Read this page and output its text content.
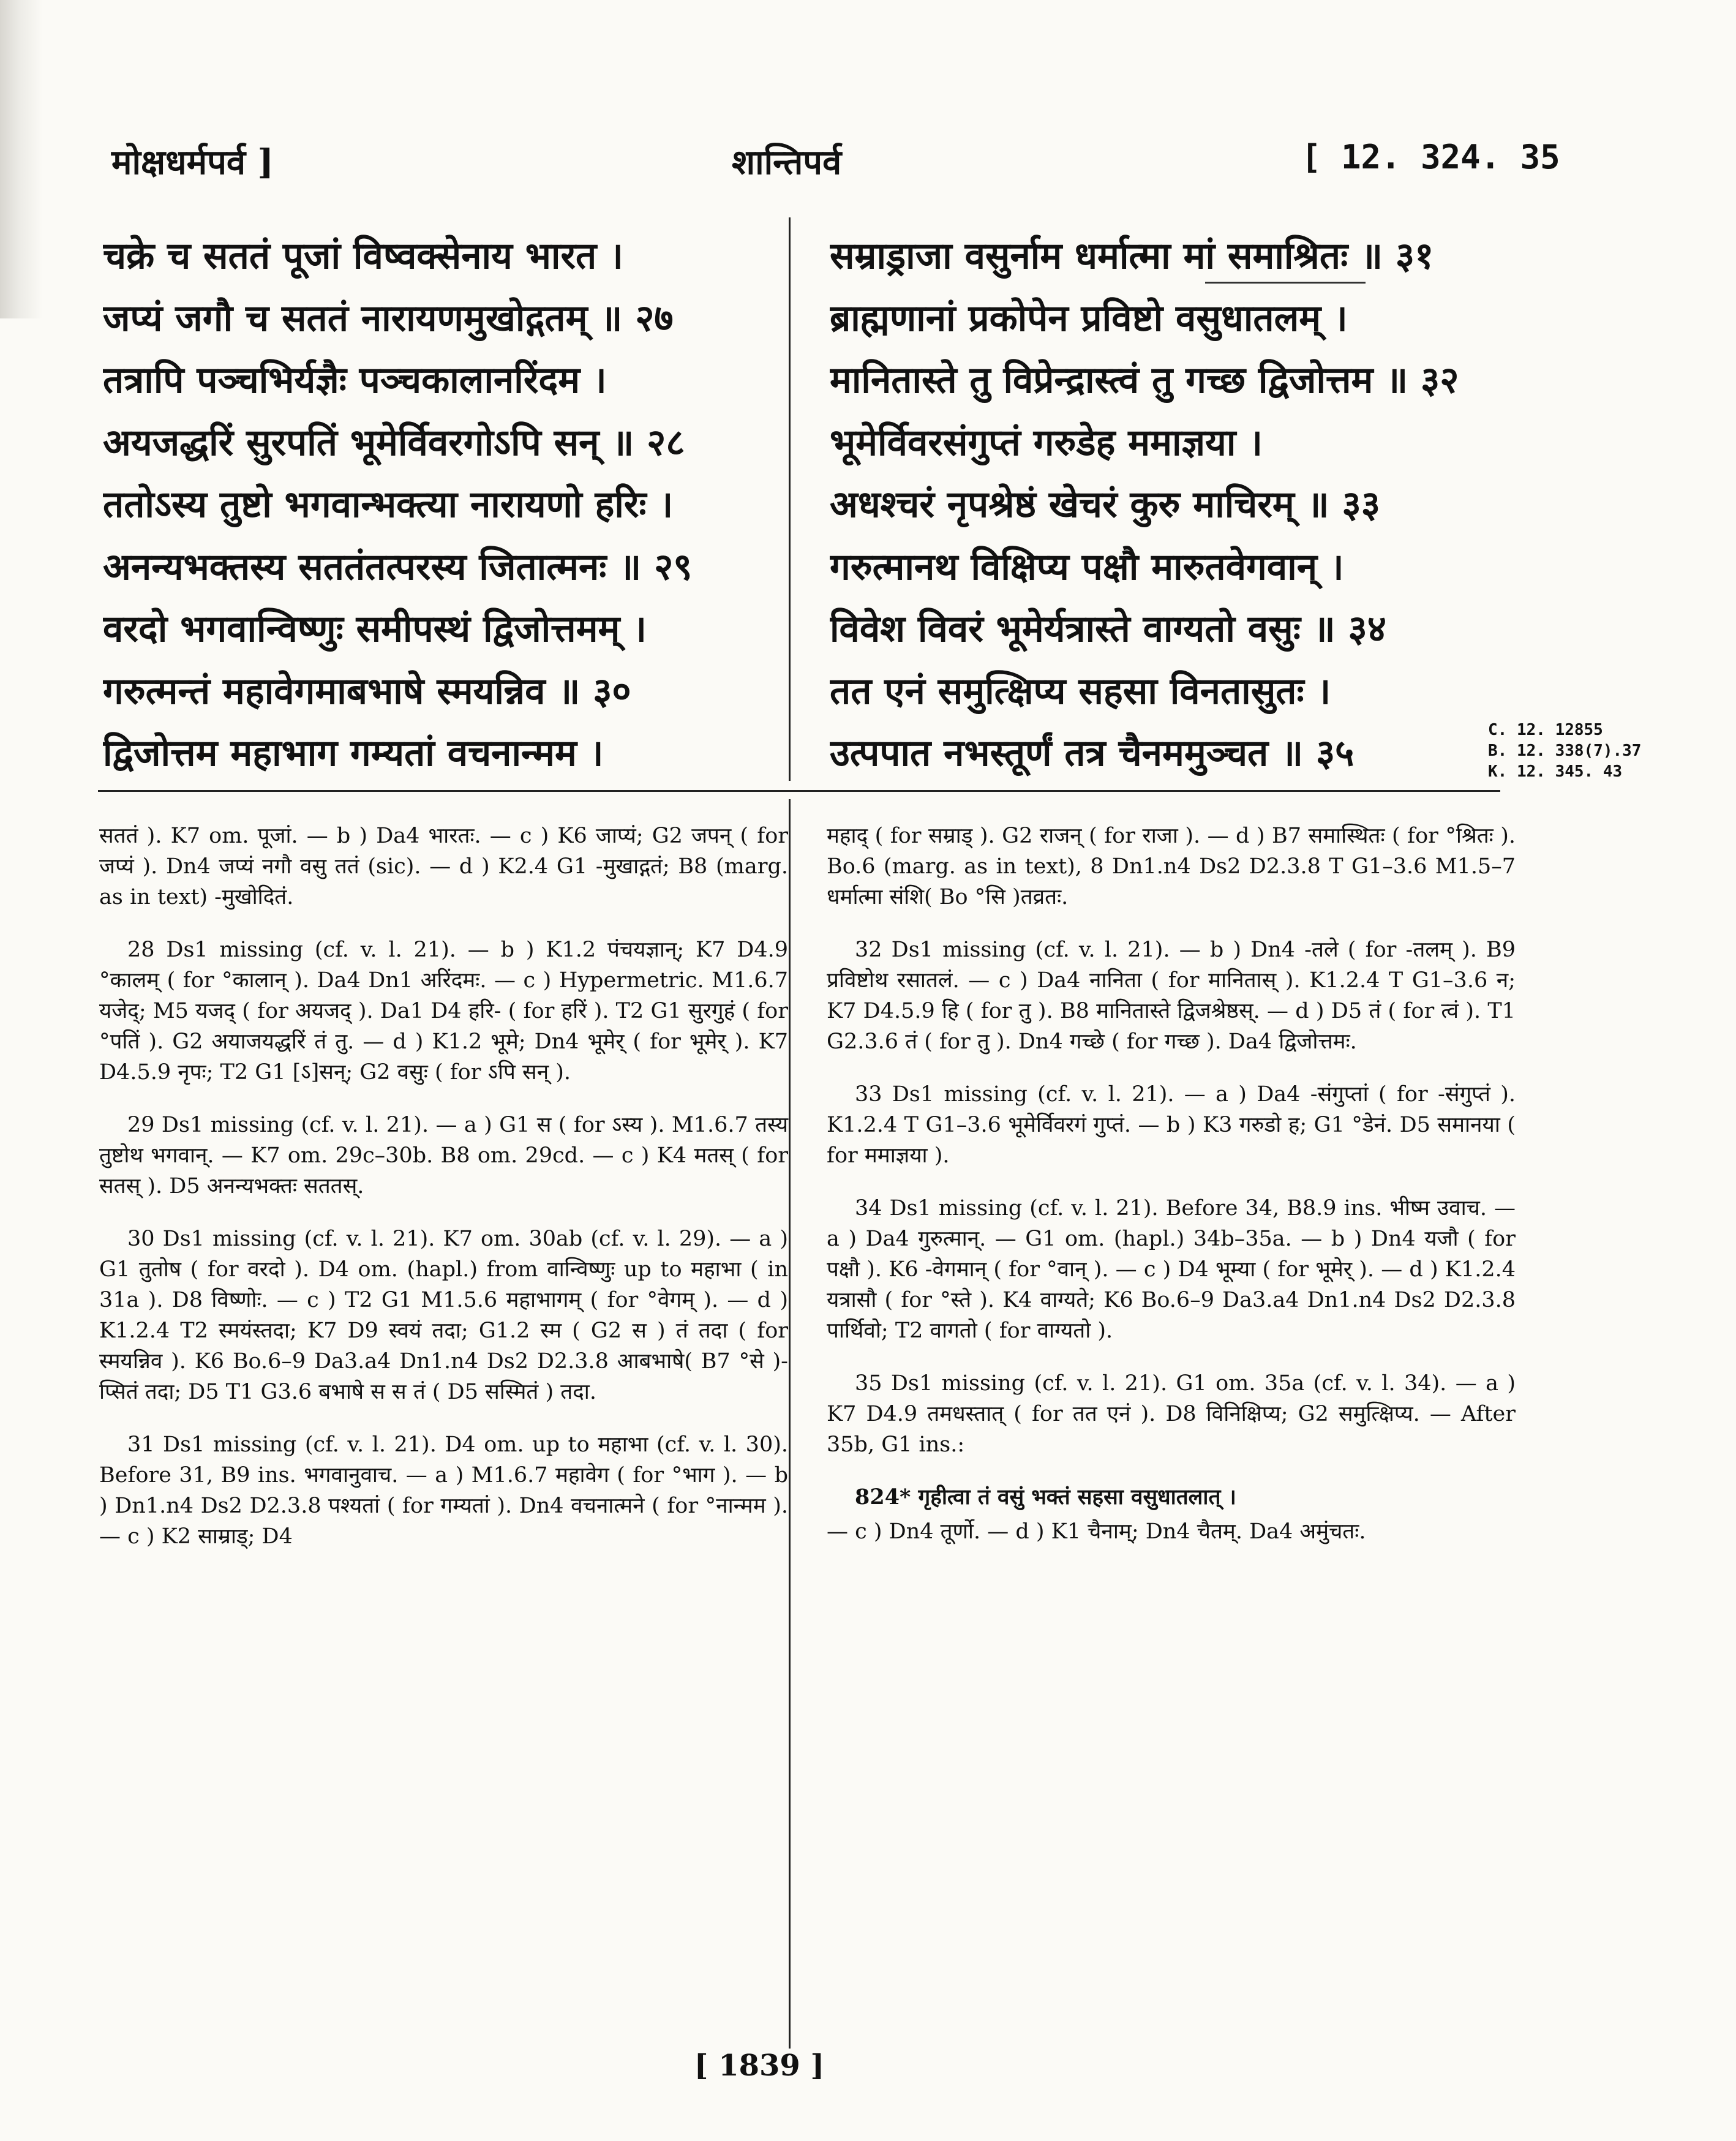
मोक्षधर्मपर्व ]	शान्तिपर्व	[ 12. 324. 35
चक्रे च सततं पूजां विष्वक्सेनाय भारत ।
जप्यं जगौ च सततं नारायणमुखोद्गतम् ॥ २७
तत्रापि पञ्चभिर्यज्ञैः पञ्चकालानरिंदम ।
अयजद्धरिं सुरपतिं भूमेर्विवरगोऽपि सन् ॥ २८
ततोऽस्य तुष्टो भगवान्भक्त्या नारायणो हरिः ।
अनन्यभक्तस्य सततंतत्परस्य जितात्मनः ॥ २९
वरदो भगवान्विष्णुः समीपस्थं द्विजोत्तमम् ।
गरुत्मन्तं महावेगमाबभाषे स्मयन्निव ॥ ३०
द्विजोत्तम महाभाग गम्यतां वचनान्मम ।
सम्राड्राजा वसुर्नाम धर्मात्मा मां समाश्रितः ॥ ३१
ब्राह्मणानां प्रकोपेन प्रविष्टो वसुधातलम् ।
मानितास्ते तु विप्रेन्द्रास्त्वं तु गच्छ द्विजोत्तम ॥ ३२
भूमेर्विवरसंगुप्तं गरुडेह ममाज्ञया ।
अधश्चरं नृपश्रेष्ठं खेचरं कुरु माचिरम् ॥ ३३
गरुत्मानथ विक्षिप्य पक्षौ मारुतवेगवान् ।
विवेश विवरं भूमेर्यत्रास्ते वाग्यतो वसुः ॥ ३४
तत एनं समुत्क्षिप्य सहसा विनतासुतः ।
उत्पपात नभस्तूर्णं तत्र चैनममुञ्चत ॥ ३५
C. 12. 12855
B. 12. 338(7).37
K. 12. 345. 43

सततं ). K7 om. पूजां. — b ) Da4 भारतः. — c ) K6 जाप्यं; G2 जपन् ( for जप्यं ). Dn4 जप्यं नगौ वसु ततं (sic). — d ) K2.4 G1 -मुखाद्गतं; B8 (marg. as in text) -मुखोदितं.

28 Ds1 missing (cf. v. l. 21). — b ) K1.2 पंचयज्ञान्; K7 D4.9 °कालम् ( for °कालान् ). Da4 Dn1 अरिंदमः. — c ) Hypermetric. M1.6.7 यजेद्; M5 यजद् ( for अयजद् ). Da1 D4 हरि- ( for हरिं ). T2 G1 सुरगुहं ( for °पतिं ). G2 अयाजयद्धरिं तं तु. — d ) K1.2 भूमे; Dn4 भूमेर् ( for भूमेर् ). K7 D4.5.9 नृपः; T2 G1 [ऽ]सन्; G2 वसुः ( for ऽपि सन् ).

29 Ds1 missing (cf. v. l. 21). — a ) G1 स ( for ऽस्य ). M1.6.7 तस्य तुष्टोथ भगवान्. — K7 om. 29c–30b. B8 om. 29cd. — c ) K4 मतस् ( for सतस् ). D5 अनन्यभक्तः सततस्.

30 Ds1 missing (cf. v. l. 21). K7 om. 30ab (cf. v. l. 29). — a ) G1 तुतोष ( for वरदो ). D4 om. (hapl.) from वान्विष्णुः up to महाभा ( in 31a ). D8 विष्णोः. — c ) T2 G1 M1.5.6 महाभागम् ( for °वेगम् ). — d ) K1.2.4 T2 स्मयंस्तदा; K7 D9 स्वयं तदा; G1.2 स्म ( G2 स ) तं तदा ( for स्मयन्निव ). K6 Bo.6–9 Da3.a4 Dn1.n4 Ds2 D2.3.8 आबभाषे( B7 °से )-प्सितं तदा; D5 T1 G3.6 बभाषे स स तं ( D5 सस्मितं ) तदा.

31 Ds1 missing (cf. v. l. 21). D4 om. up to महाभा (cf. v. l. 30). Before 31, B9 ins. भगवानुवाच. — a ) M1.6.7 महावेग ( for °भाग ). — b ) Dn1.n4 Ds2 D2.3.8 पश्यतां ( for गम्यतां ). Dn4 वचनात्मने ( for °नान्मम ). — c ) K2 साम्राड्; D4

महाद् ( for सम्राड् ). G2 राजन् ( for राजा ). — d ) B7 समास्थितः ( for °श्रितः ). Bo.6 (marg. as in text), 8 Dn1.n4 Ds2 D2.3.8 T G1–3.6 M1.5–7 धर्मात्मा संशि( Bo °सि )तव्रतः.

32 Ds1 missing (cf. v. l. 21). — b ) Dn4 -तले ( for -तलम् ). B9 प्रविष्टोथ रसातलं. — c ) Da4 नानिता ( for मानितास् ). K1.2.4 T G1–3.6 न; K7 D4.5.9 हि ( for तु ). B8 मानितास्ते द्विजश्रेष्ठस्. — d ) D5 तं ( for त्वं ). T1 G2.3.6 तं ( for तु ). Dn4 गच्छे ( for गच्छ ). Da4 द्विजोत्तमः.

33 Ds1 missing (cf. v. l. 21). — a ) Da4 -संगुप्तां ( for -संगुप्तं ). K1.2.4 T G1–3.6 भूमेर्विवरगं गुप्तं. — b ) K3 गरुडो ह; G1 °डेनं. D5 समानया ( for ममाज्ञया ).

34 Ds1 missing (cf. v. l. 21). Before 34, B8.9 ins. भीष्म उवाच. — a ) Da4 गुरुत्मान्. — G1 om. (hapl.) 34b–35a. — b ) Dn4 यजौ ( for पक्षौ ). K6 -वेगमान् ( for °वान् ). — c ) D4 भूम्या ( for भूमेर् ). — d ) K1.2.4 यत्रासौ ( for °स्ते ). K4 वाग्यते; K6 Bo.6–9 Da3.a4 Dn1.n4 Ds2 D2.3.8 पार्थिवो; T2 वागतो ( for वाग्यतो ).

35 Ds1 missing (cf. v. l. 21). G1 om. 35a (cf. v. l. 34). — a ) K7 D4.9 तमधस्तात् ( for तत एनं ). D8 विनिक्षिप्य; G2 समुत्क्षिप्य. — After 35b, G1 ins.:

824* गृहीत्वा तं वसुं भक्तं सहसा वसुधातलात् ।

— c ) Dn4 तूर्णो. — d ) K1 चैनाम्; Dn4 चैतम्. Da4 अमुंचतः.

[ 1839 ]
